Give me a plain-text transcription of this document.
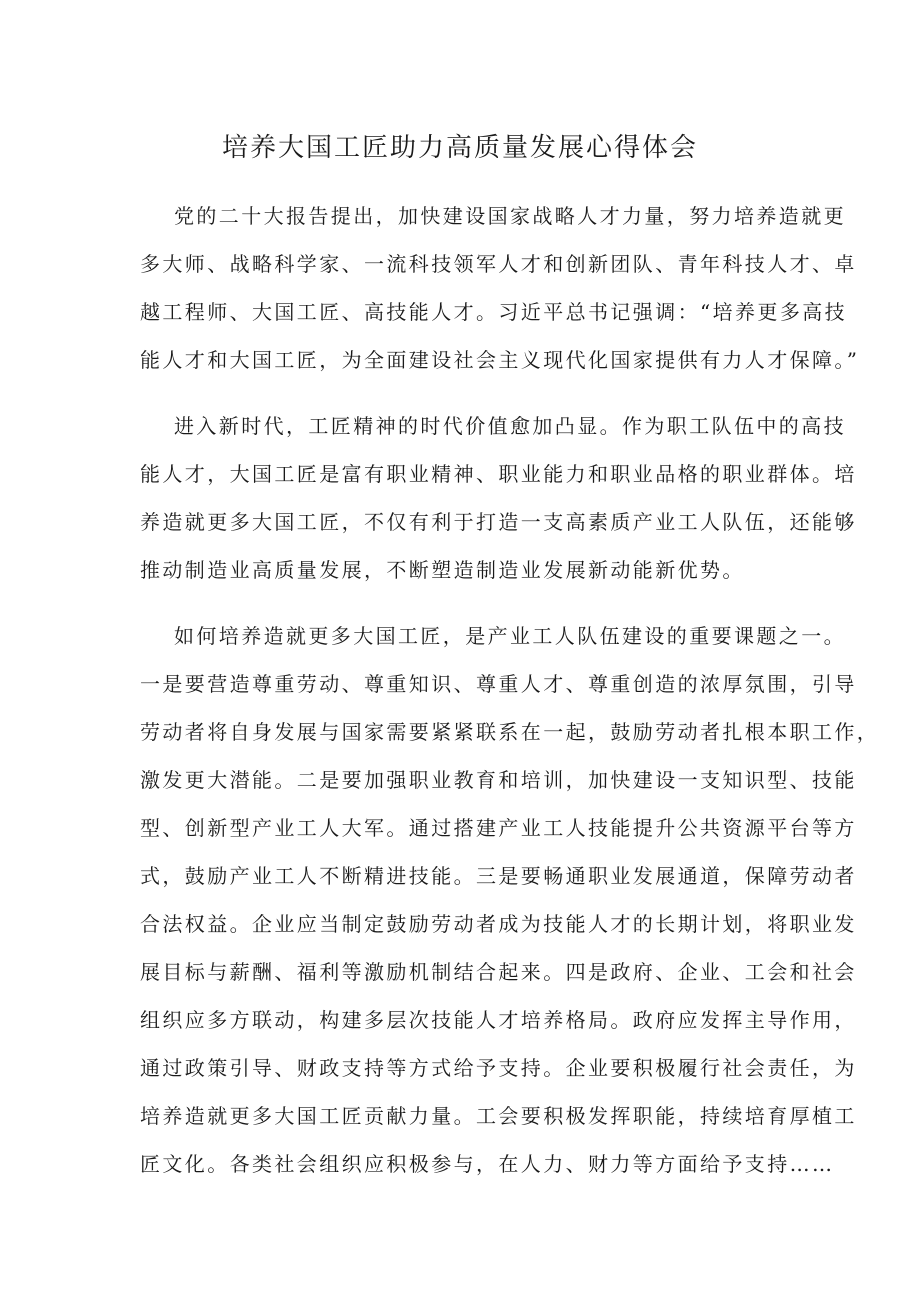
培养大国工匠助力高质量发展心得体会
党的二十大报告提出，加快建设国家战略人才力量，努力培养造就更
多大师、战略科学家、一流科技领军人才和创新团队、青年科技人才、卓
越工程师、大国工匠、高技能人才。习近平总书记强调：“培养更多高技
能人才和大国工匠，为全面建设社会主义现代化国家提供有力人才保障。”
进入新时代，工匠精神的时代价值愈加凸显。作为职工队伍中的高技
能人才，大国工匠是富有职业精神、职业能力和职业品格的职业群体。培
养造就更多大国工匠，不仅有利于打造一支高素质产业工人队伍，还能够
推动制造业高质量发展，不断塑造制造业发展新动能新优势。
如何培养造就更多大国工匠，是产业工人队伍建设的重要课题之一。
一是要营造尊重劳动、尊重知识、尊重人才、尊重创造的浓厚氛围，引导
劳动者将自身发展与国家需要紧紧联系在一起，鼓励劳动者扎根本职工作，
激发更大潜能。二是要加强职业教育和培训，加快建设一支知识型、技能
型、创新型产业工人大军。通过搭建产业工人技能提升公共资源平台等方
式，鼓励产业工人不断精进技能。三是要畅通职业发展通道，保障劳动者
合法权益。企业应当制定鼓励劳动者成为技能人才的长期计划，将职业发
展目标与薪酬、福利等激励机制结合起来。四是政府、企业、工会和社会
组织应多方联动，构建多层次技能人才培养格局。政府应发挥主导作用，
通过政策引导、财政支持等方式给予支持。企业要积极履行社会责任，为
培养造就更多大国工匠贡献力量。工会要积极发挥职能，持续培育厚植工
匠文化。各类社会组织应积极参与，在人力、财力等方面给予支持……
